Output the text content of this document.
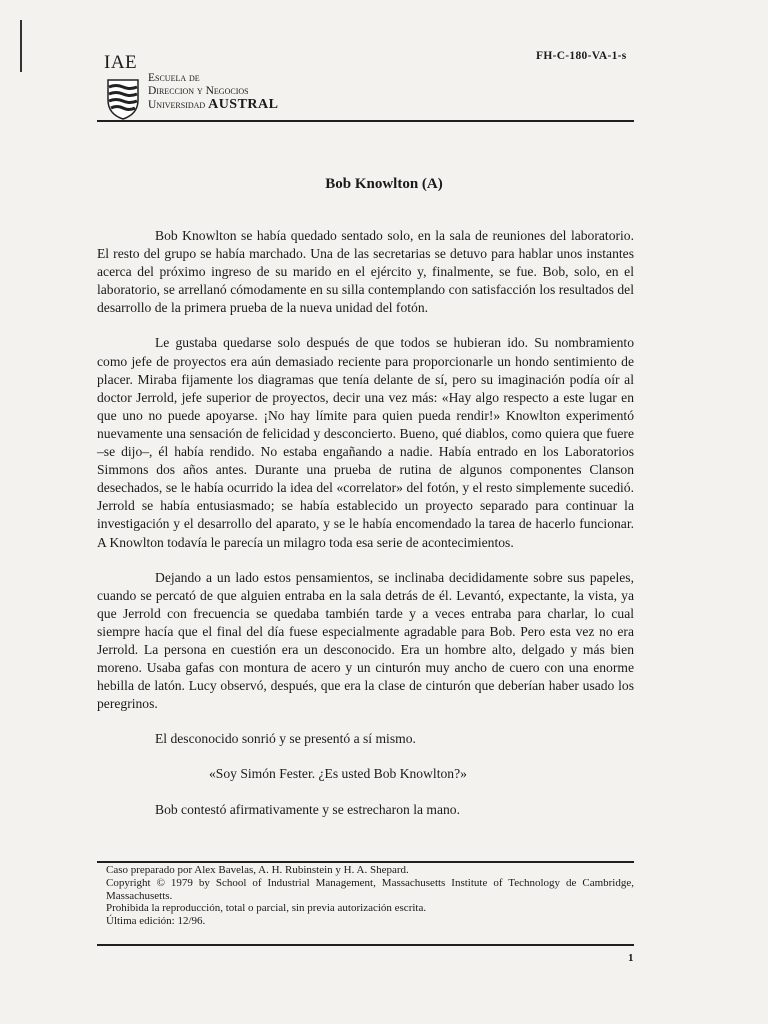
IAE
Escuela de
Direccion y Negocios
Universidad AUSTRAL
FH-C-180-VA-1-s
Bob Knowlton (A)

Bob Knowlton se había quedado sentado solo, en la sala de reuniones del laboratorio. El resto del grupo se había marchado. Una de las secretarias se detuvo para hablar unos instantes acerca del próximo ingreso de su marido en el ejército y, finalmente, se fue. Bob, solo, en el laboratorio, se arrellanó cómodamente en su silla contemplando con satisfacción los resultados del desarrollo de la primera prueba de la nueva unidad del fotón.

Le gustaba quedarse solo después de que todos se hubieran ido. Su nombramiento como jefe de proyectos era aún demasiado reciente para proporcionarle un hondo sentimiento de placer. Miraba fijamente los diagramas que tenía delante de sí, pero su imaginación podía oír al doctor Jerrold, jefe superior de proyectos, decir una vez más: «Hay algo respecto a este lugar en que uno no puede apoyarse. ¡No hay límite para quien pueda rendir!» Knowlton experimentó nuevamente una sensación de felicidad y desconcierto. Bueno, qué diablos, como quiera que fuere –se dijo–, él había rendido. No estaba engañando a nadie. Había entrado en los Laboratorios Simmons dos años antes. Durante una prueba de rutina de algunos componentes Clanson desechados, se le había ocurrido la idea del «correlator» del fotón, y el resto simplemente sucedió. Jerrold se había entusiasmado; se había establecido un proyecto separado para continuar la investigación y el desarrollo del aparato, y se le había encomendado la tarea de hacerlo funcionar. A Knowlton todavía le parecía un milagro toda esa serie de acontecimientos.

Dejando a un lado estos pensamientos, se inclinaba decididamente sobre sus papeles, cuando se percató de que alguien entraba en la sala detrás de él. Levantó, expectante, la vista, ya que Jerrold con frecuencia se quedaba también tarde y a veces entraba para charlar, lo cual siempre hacía que el final del día fuese especialmente agradable para Bob. Pero esta vez no era Jerrold. La persona en cuestión era un desconocido. Era un hombre alto, delgado y más bien moreno. Usaba gafas con montura de acero y un cinturón muy ancho de cuero con una enorme hebilla de latón. Lucy observó, después, que era la clase de cinturón que deberían haber usado los peregrinos.

El desconocido sonrió y se presentó a sí mismo.

«Soy Simón Fester. ¿Es usted Bob Knowlton?»

Bob contestó afirmativamente y se estrecharon la mano.

Caso preparado por Alex Bavelas, A. H. Rubinstein y H. A. Shepard.
Copyright © 1979 by School of Industrial Management, Massachusetts Institute of Technology de Cambridge, Massachusetts.
Prohibida la reproducción, total o parcial, sin previa autorización escrita.
Última edición: 12/96.
1
